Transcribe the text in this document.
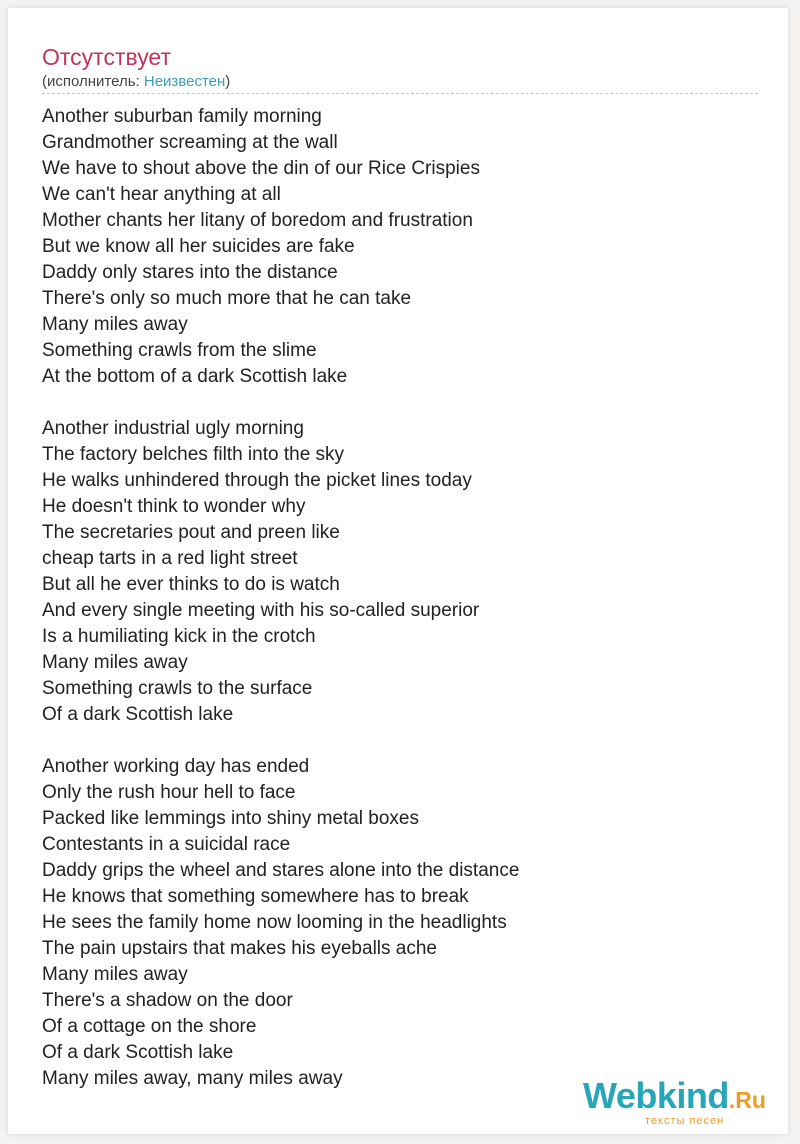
Отсутствует
(исполнитель: Неизвестен)
Another suburban family morning
Grandmother screaming at the wall
We have to shout above the din of our Rice Crispies
We can't hear anything at all
Mother chants her litany of boredom and frustration
But we know all her suicides are fake
Daddy only stares into the distance
There's only so much more that he can take
Many miles away
Something crawls from the slime
At the bottom of a dark Scottish lake
Another industrial ugly morning
The factory belches filth into the sky
He walks unhindered through the picket lines today
He doesn't think to wonder why
The secretaries pout and preen like
cheap tarts in a red light street
But all he ever thinks to do is watch
And every single meeting with his so-called superior
Is a humiliating kick in the crotch
Many miles away
Something crawls to the surface
Of a dark Scottish lake
Another working day has ended
Only the rush hour hell to face
Packed like lemmings into shiny metal boxes
Contestants in a suicidal race
Daddy grips the wheel and stares alone into the distance
He knows that something somewhere has to break
He sees the family home now looming in the headlights
The pain upstairs that makes his eyeballs ache
Many miles away
There's a shadow on the door
Of a cottage on the shore
Of a dark Scottish lake
Many miles away, many miles away	Webkind.Ru
тексты песен
